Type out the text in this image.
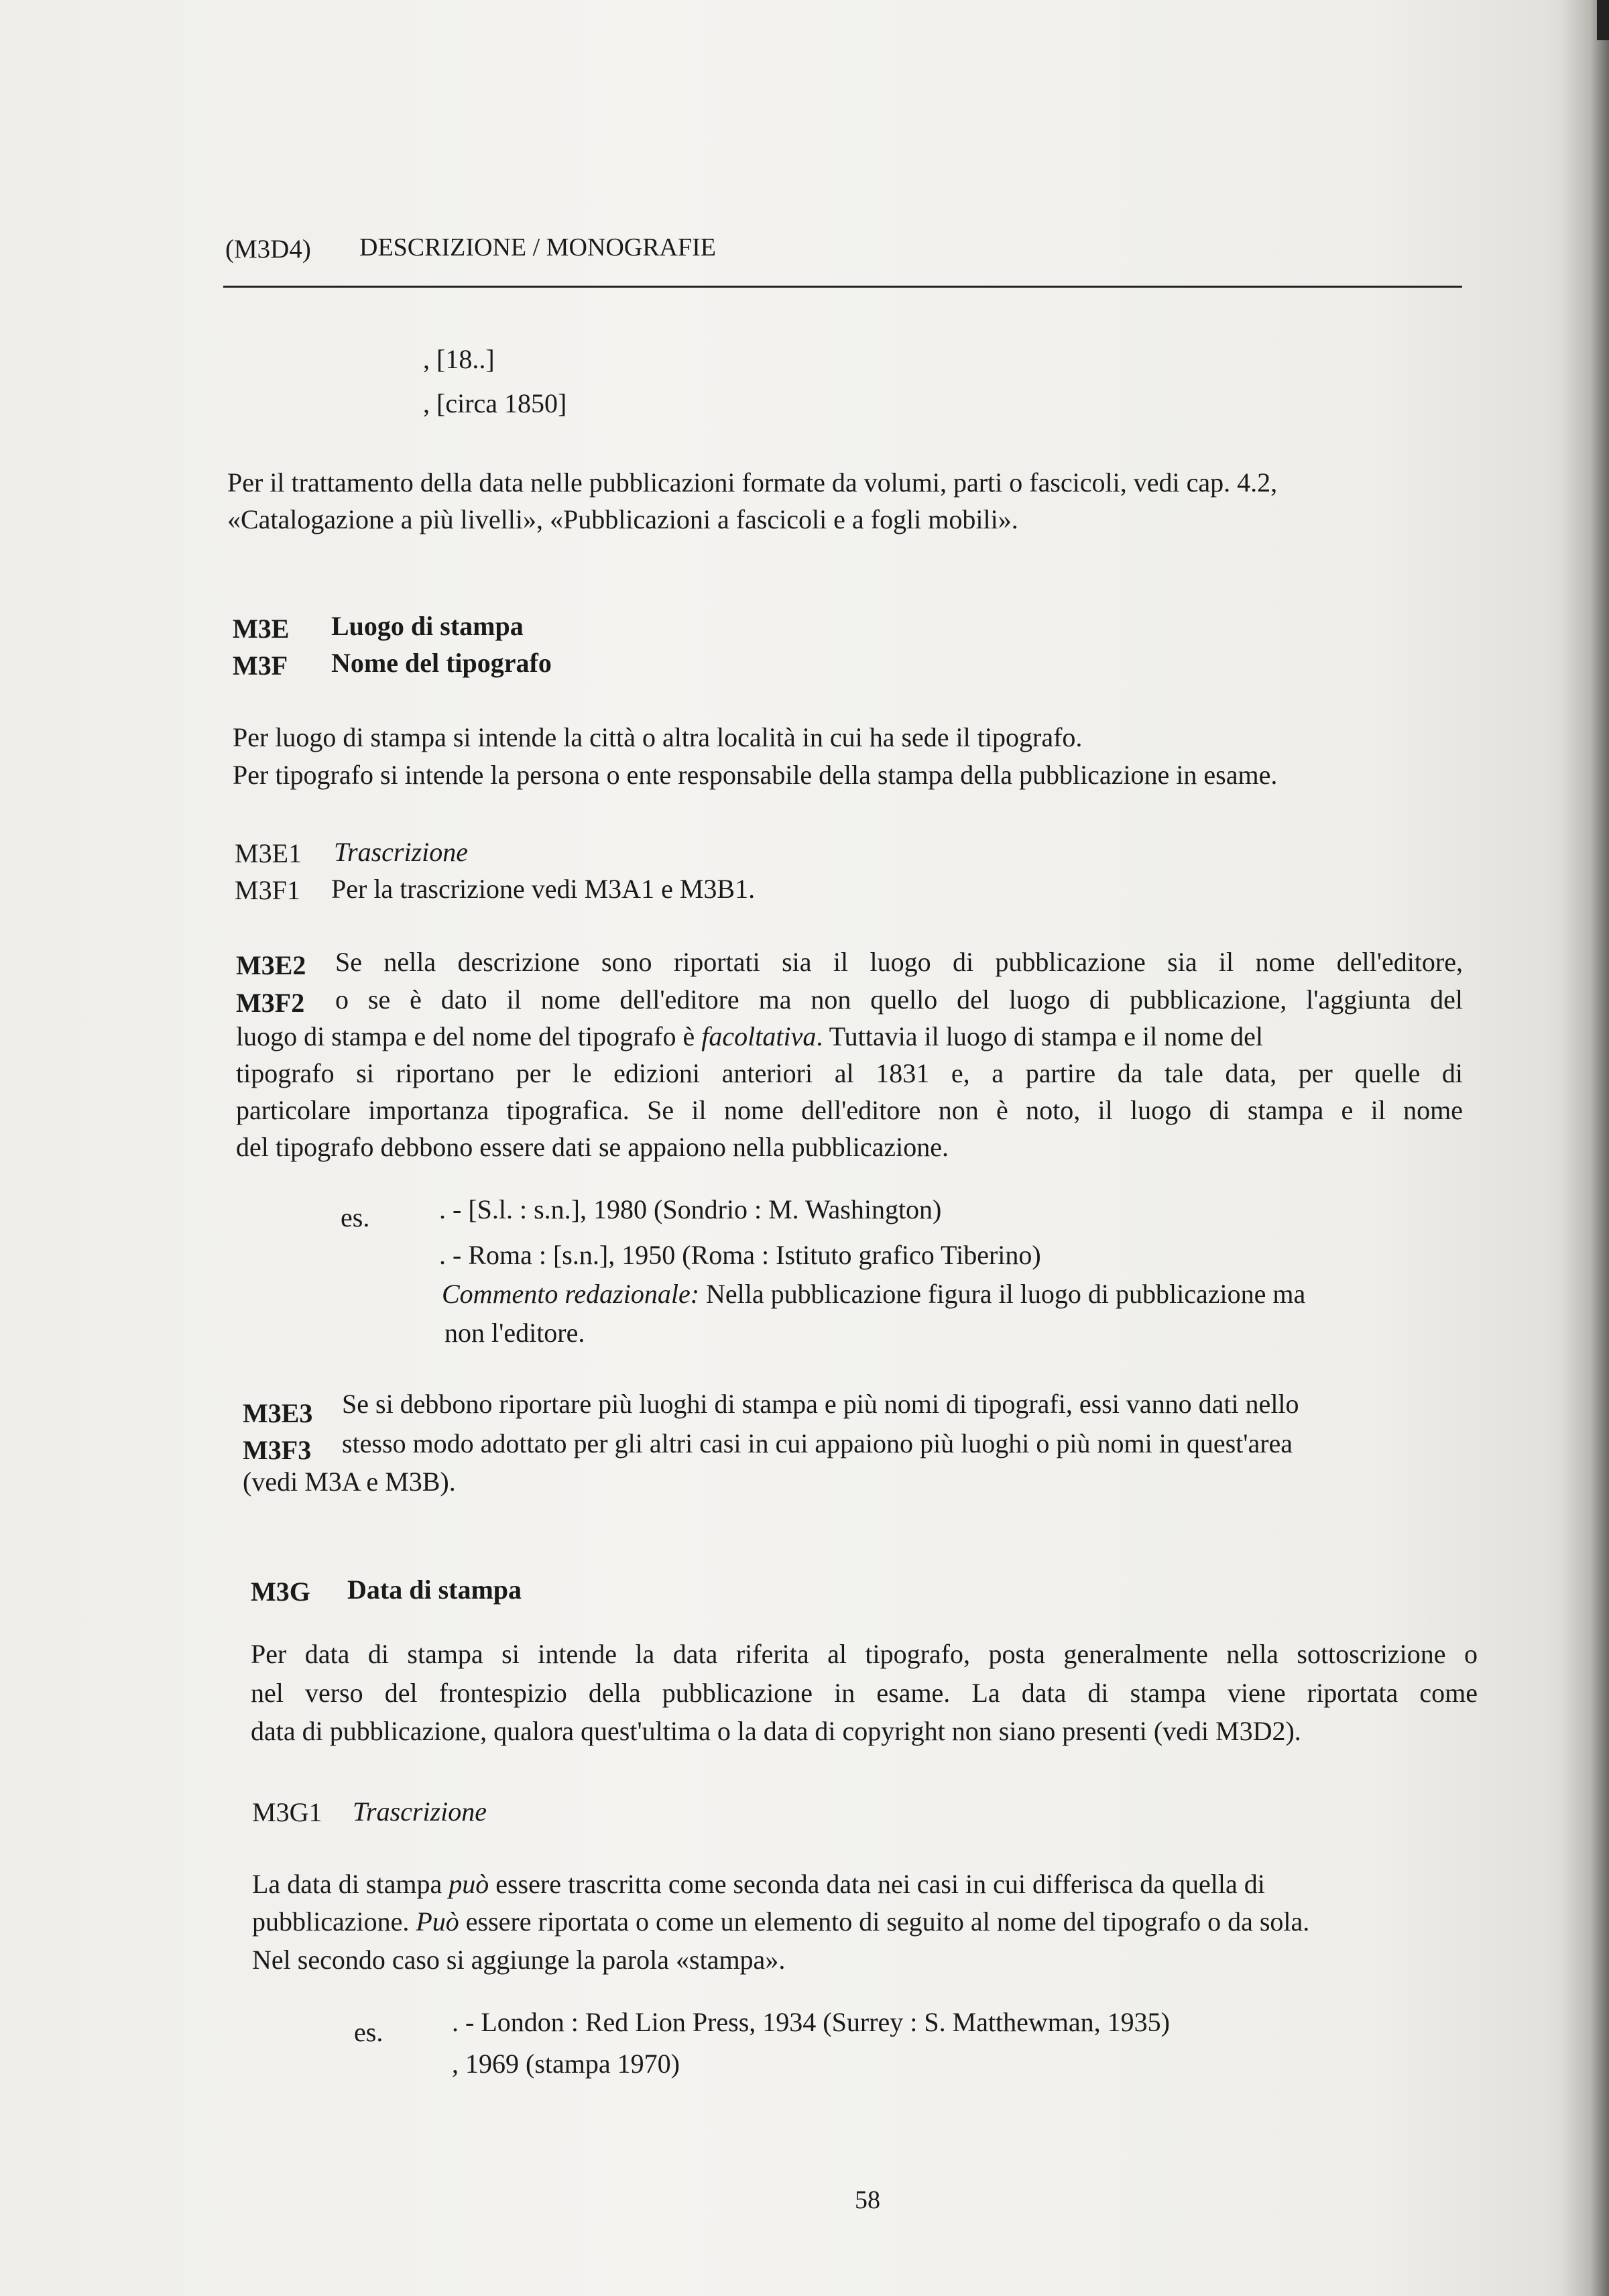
(M3D4) DESCRIZIONE / MONOGRAFIE
, [18..]
, [circa 1850]
Per il trattamento della data nelle pubblicazioni formate da volumi, parti o fascicoli, vedi cap. 4.2,
«Catalogazione a più livelli», «Pubblicazioni a fascicoli e a fogli mobili».
M3E Luogo di stampa
M3F Nome del tipografo
Per luogo di stampa si intende la città o altra località in cui ha sede il tipografo.
Per tipografo si intende la persona o ente responsabile della stampa della pubblicazione in esame.
M3E1 Trascrizione
M3F1 Per la trascrizione vedi M3A1 e M3B1.
M3E2 Se nella descrizione sono riportati sia il luogo di pubblicazione sia il nome dell'editore,
M3F2 o se è dato il nome dell'editore ma non quello del luogo di pubblicazione, l'aggiunta del
luogo di stampa e del nome del tipografo è facoltativa. Tuttavia il luogo di stampa e il nome del
tipografo si riportano per le edizioni anteriori al 1831 e, a partire da tale data, per quelle di
particolare importanza tipografica. Se il nome dell'editore non è noto, il luogo di stampa e il nome
del tipografo debbono essere dati se appaiono nella pubblicazione.
es.	. - [S.l. : s.n.], 1980 (Sondrio : M. Washington)
. - Roma : [s.n.], 1950 (Roma : Istituto grafico Tiberino)
Commento redazionale: Nella pubblicazione figura il luogo di pubblicazione ma
non l'editore.
M3E3 Se si debbono riportare più luoghi di stampa e più nomi di tipografi, essi vanno dati nello
M3F3 stesso modo adottato per gli altri casi in cui appaiono più luoghi o più nomi in quest'area
(vedi M3A e M3B).
M3G Data di stampa
Per data di stampa si intende la data riferita al tipografo, posta generalmente nella sottoscrizione o
nel verso del frontespizio della pubblicazione in esame. La data di stampa viene riportata come
data di pubblicazione, qualora quest'ultima o la data di copyright non siano presenti (vedi M3D2).
M3G1 Trascrizione
La data di stampa può essere trascritta come seconda data nei casi in cui differisca da quella di
pubblicazione. Può essere riportata o come un elemento di seguito al nome del tipografo o da sola.
Nel secondo caso si aggiunge la parola «stampa».
es.	. - London : Red Lion Press, 1934 (Surrey : S. Matthewman, 1935)
, 1969 (stampa 1970)
58
